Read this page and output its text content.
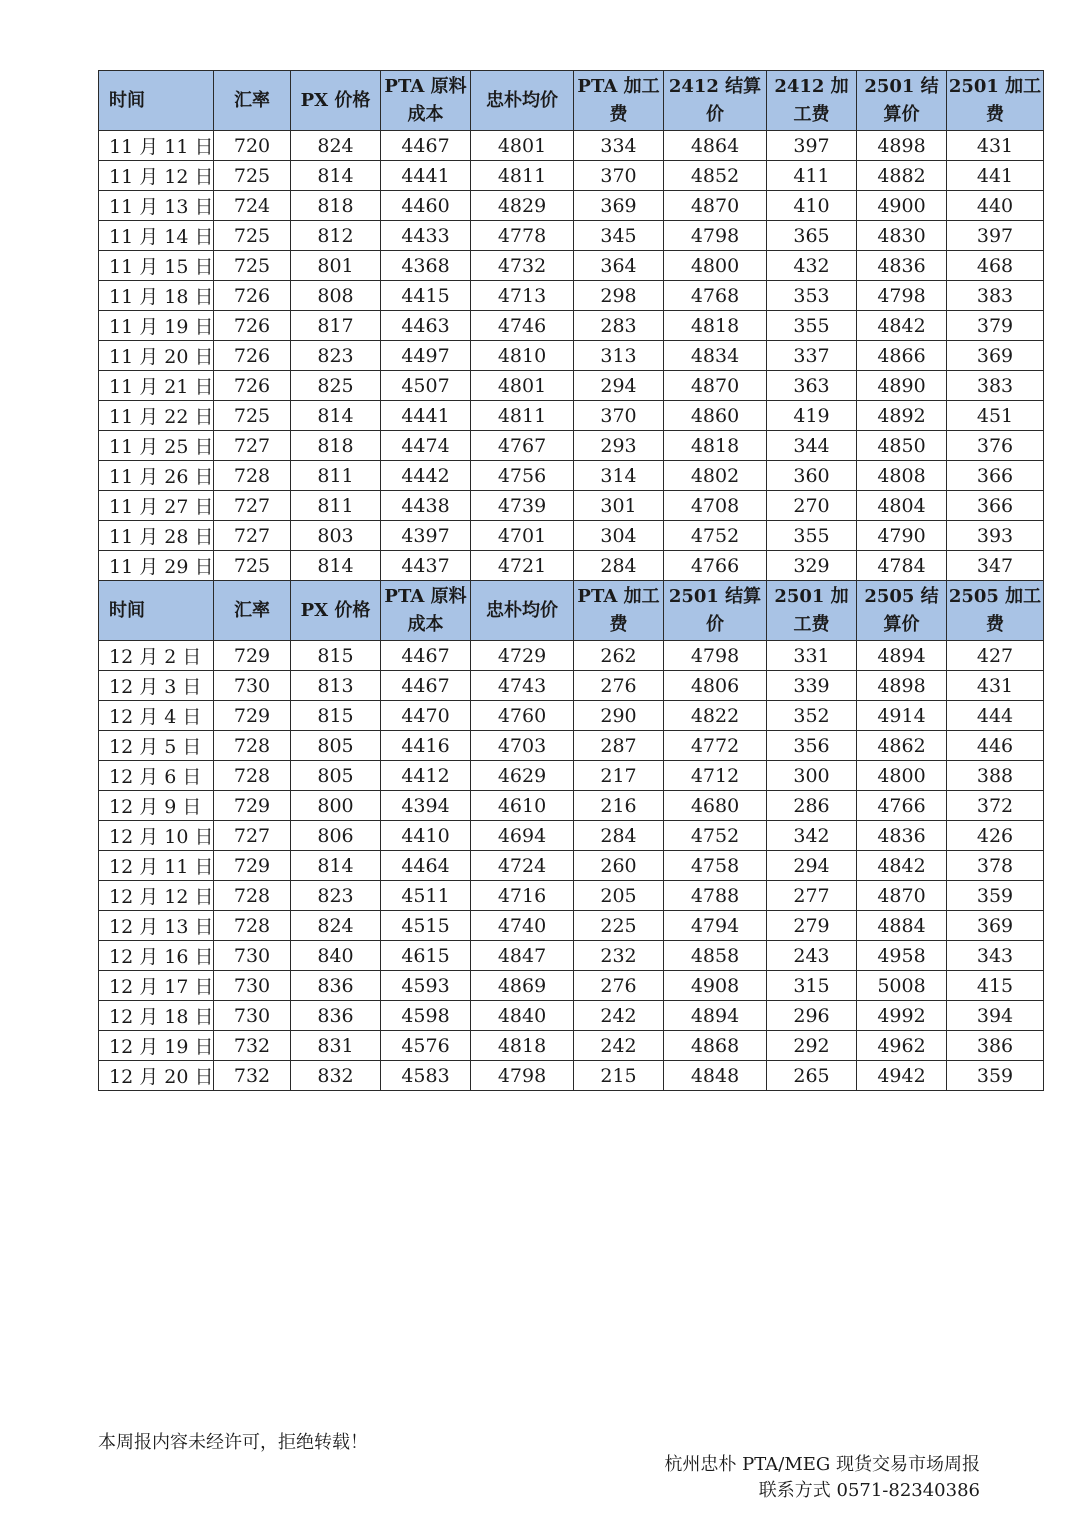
时间	汇率	PX 价格	PTA 原料成本	忠朴均价	PTA 加工费	2412 结算价	2412 加工费	2501 结算价	2501 加工费
11 月 11 日	720	824	4467	4801	334	4864	397	4898	431
11 月 12 日	725	814	4441	4811	370	4852	411	4882	441
11 月 13 日	724	818	4460	4829	369	4870	410	4900	440
11 月 14 日	725	812	4433	4778	345	4798	365	4830	397
11 月 15 日	725	801	4368	4732	364	4800	432	4836	468
11 月 18 日	726	808	4415	4713	298	4768	353	4798	383
11 月 19 日	726	817	4463	4746	283	4818	355	4842	379
11 月 20 日	726	823	4497	4810	313	4834	337	4866	369
11 月 21 日	726	825	4507	4801	294	4870	363	4890	383
11 月 22 日	725	814	4441	4811	370	4860	419	4892	451
11 月 25 日	727	818	4474	4767	293	4818	344	4850	376
11 月 26 日	728	811	4442	4756	314	4802	360	4808	366
11 月 27 日	727	811	4438	4739	301	4708	270	4804	366
11 月 28 日	727	803	4397	4701	304	4752	355	4790	393
11 月 29 日	725	814	4437	4721	284	4766	329	4784	347
时间	汇率	PX 价格	PTA 原料成本	忠朴均价	PTA 加工费	2501 结算价	2501 加工费	2505 结算价	2505 加工费
12 月 2 日	729	815	4467	4729	262	4798	331	4894	427
12 月 3 日	730	813	4467	4743	276	4806	339	4898	431
12 月 4 日	729	815	4470	4760	290	4822	352	4914	444
12 月 5 日	728	805	4416	4703	287	4772	356	4862	446
12 月 6 日	728	805	4412	4629	217	4712	300	4800	388
12 月 9 日	729	800	4394	4610	216	4680	286	4766	372
12 月 10 日	727	806	4410	4694	284	4752	342	4836	426
12 月 11 日	729	814	4464	4724	260	4758	294	4842	378
12 月 12 日	728	823	4511	4716	205	4788	277	4870	359
12 月 13 日	728	824	4515	4740	225	4794	279	4884	369
12 月 16 日	730	840	4615	4847	232	4858	243	4958	343
12 月 17 日	730	836	4593	4869	276	4908	315	5008	415
12 月 18 日	730	836	4598	4840	242	4894	296	4992	394
12 月 19 日	732	831	4576	4818	242	4868	292	4962	386
12 月 20 日	732	832	4583	4798	215	4848	265	4942	359
本周报内容未经许可，拒绝转载！
杭州忠朴 PTA/MEG 现货交易市场周报
联系方式 0571-82340386
